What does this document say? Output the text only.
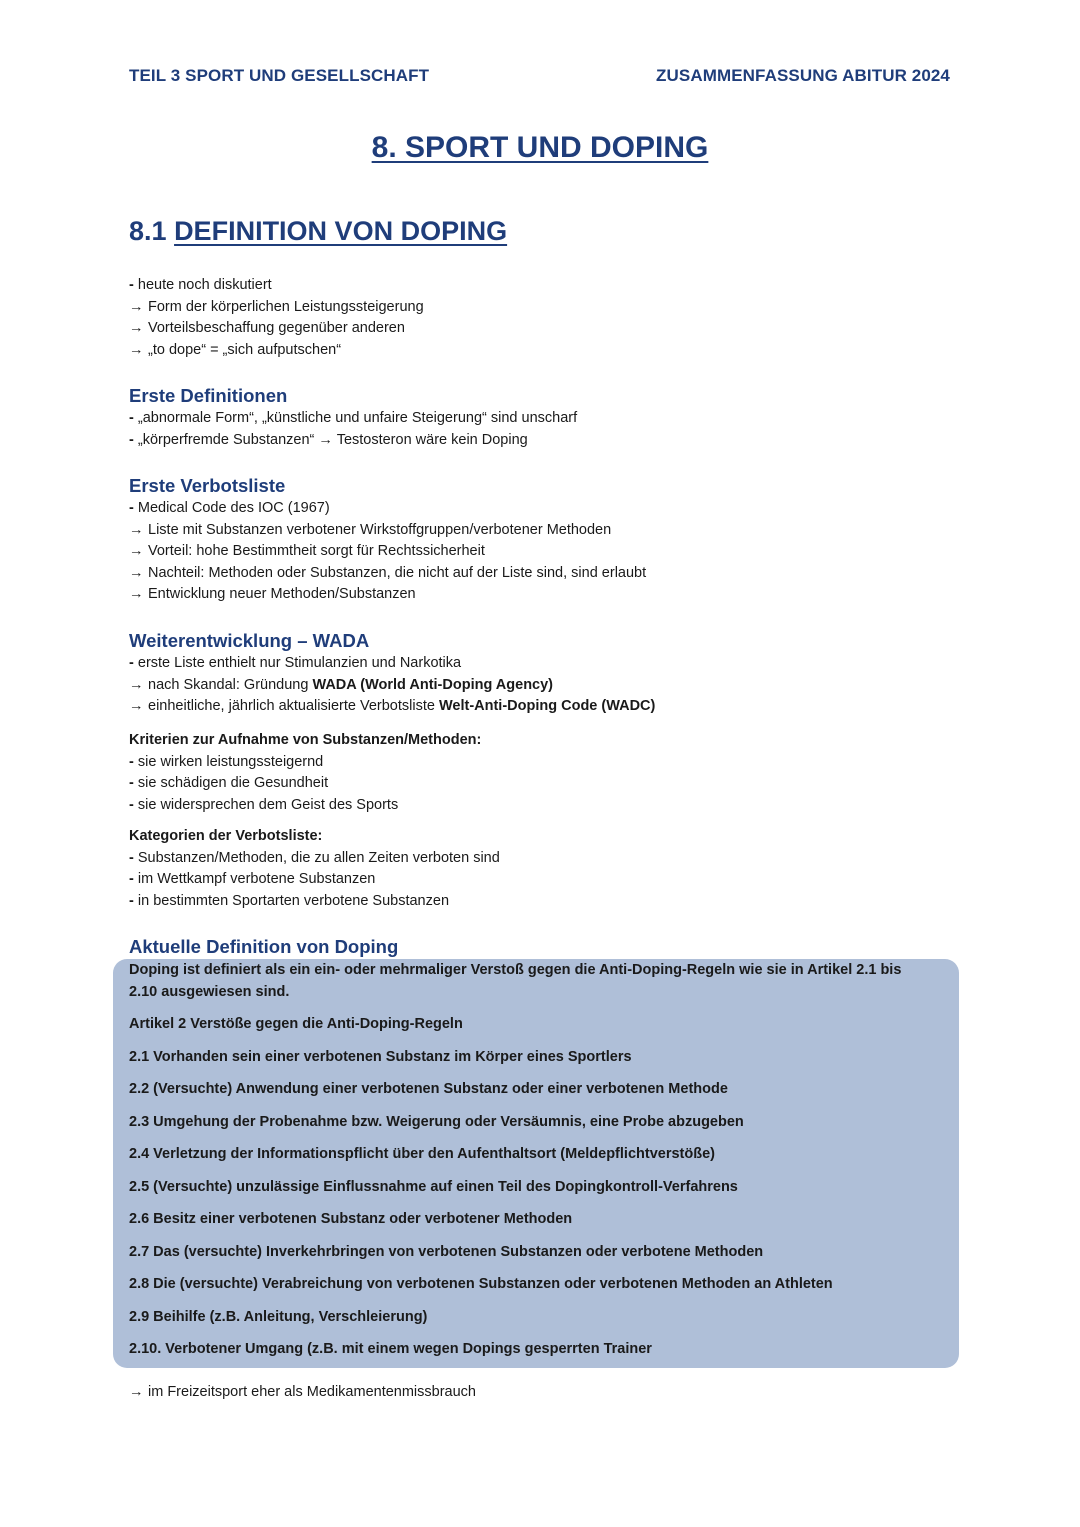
TEIL 3 SPORT UND GESELLSCHAFT	ZUSAMMENFASSUNG ABITUR 2024
8. SPORT UND DOPING
8.1 DEFINITION VON DOPING
- heute noch diskutiert
→ Form der körperlichen Leistungssteigerung
→ Vorteilsbeschaffung gegenüber anderen
→ „to dope“ = „sich aufputschen“
Erste Definitionen
- „abnormale Form“, „künstliche und unfaire Steigerung“ sind unscharf
- „körperfremde Substanzen“ → Testosteron wäre kein Doping
Erste Verbotsliste
- Medical Code des IOC (1967)
→ Liste mit Substanzen verbotener Wirkstoffgruppen/verbotener Methoden
→ Vorteil: hohe Bestimmtheit sorgt für Rechtssicherheit
→ Nachteil: Methoden oder Substanzen, die nicht auf der Liste sind, sind erlaubt
→ Entwicklung neuer Methoden/Substanzen
Weiterentwicklung – WADA
- erste Liste enthielt nur Stimulanzien und Narkotika
→ nach Skandal: Gründung WADA (World Anti-Doping Agency)
→ einheitliche, jährlich aktualisierte Verbotsliste Welt-Anti-Doping Code (WADC)
Kriterien zur Aufnahme von Substanzen/Methoden:
- sie wirken leistungssteigernd
- sie schädigen die Gesundheit
- sie widersprechen dem Geist des Sports
Kategorien der Verbotsliste:
- Substanzen/Methoden, die zu allen Zeiten verboten sind
- im Wettkampf verbotene Substanzen
- in bestimmten Sportarten verbotene Substanzen
Aktuelle Definition von Doping
Doping ist definiert als ein ein- oder mehrmaliger Verstoß gegen die Anti-Doping-Regeln wie sie in Artikel 2.1 bis
2.10 ausgewiesen sind.
Artikel 2 Verstöße gegen die Anti-Doping-Regeln
2.1 Vorhanden sein einer verbotenen Substanz im Körper eines Sportlers
2.2 (Versuchte) Anwendung einer verbotenen Substanz oder einer verbotenen Methode
2.3 Umgehung der Probenahme bzw. Weigerung oder Versäumnis, eine Probe abzugeben
2.4 Verletzung der Informationspflicht über den Aufenthaltsort (Meldepflichtverstöße)
2.5 (Versuchte) unzulässige Einflussnahme auf einen Teil des Dopingkontroll-Verfahrens
2.6 Besitz einer verbotenen Substanz oder verbotener Methoden
2.7 Das (versuchte) Inverkehrbringen von verbotenen Substanzen oder verbotene Methoden
2.8 Die (versuchte) Verabreichung von verbotenen Substanzen oder verbotenen Methoden an Athleten
2.9 Beihilfe (z.B. Anleitung, Verschleierung)
2.10. Verbotener Umgang (z.B. mit einem wegen Dopings gesperrten Trainer
→ im Freizeitsport eher als Medikamentenmissbrauch
